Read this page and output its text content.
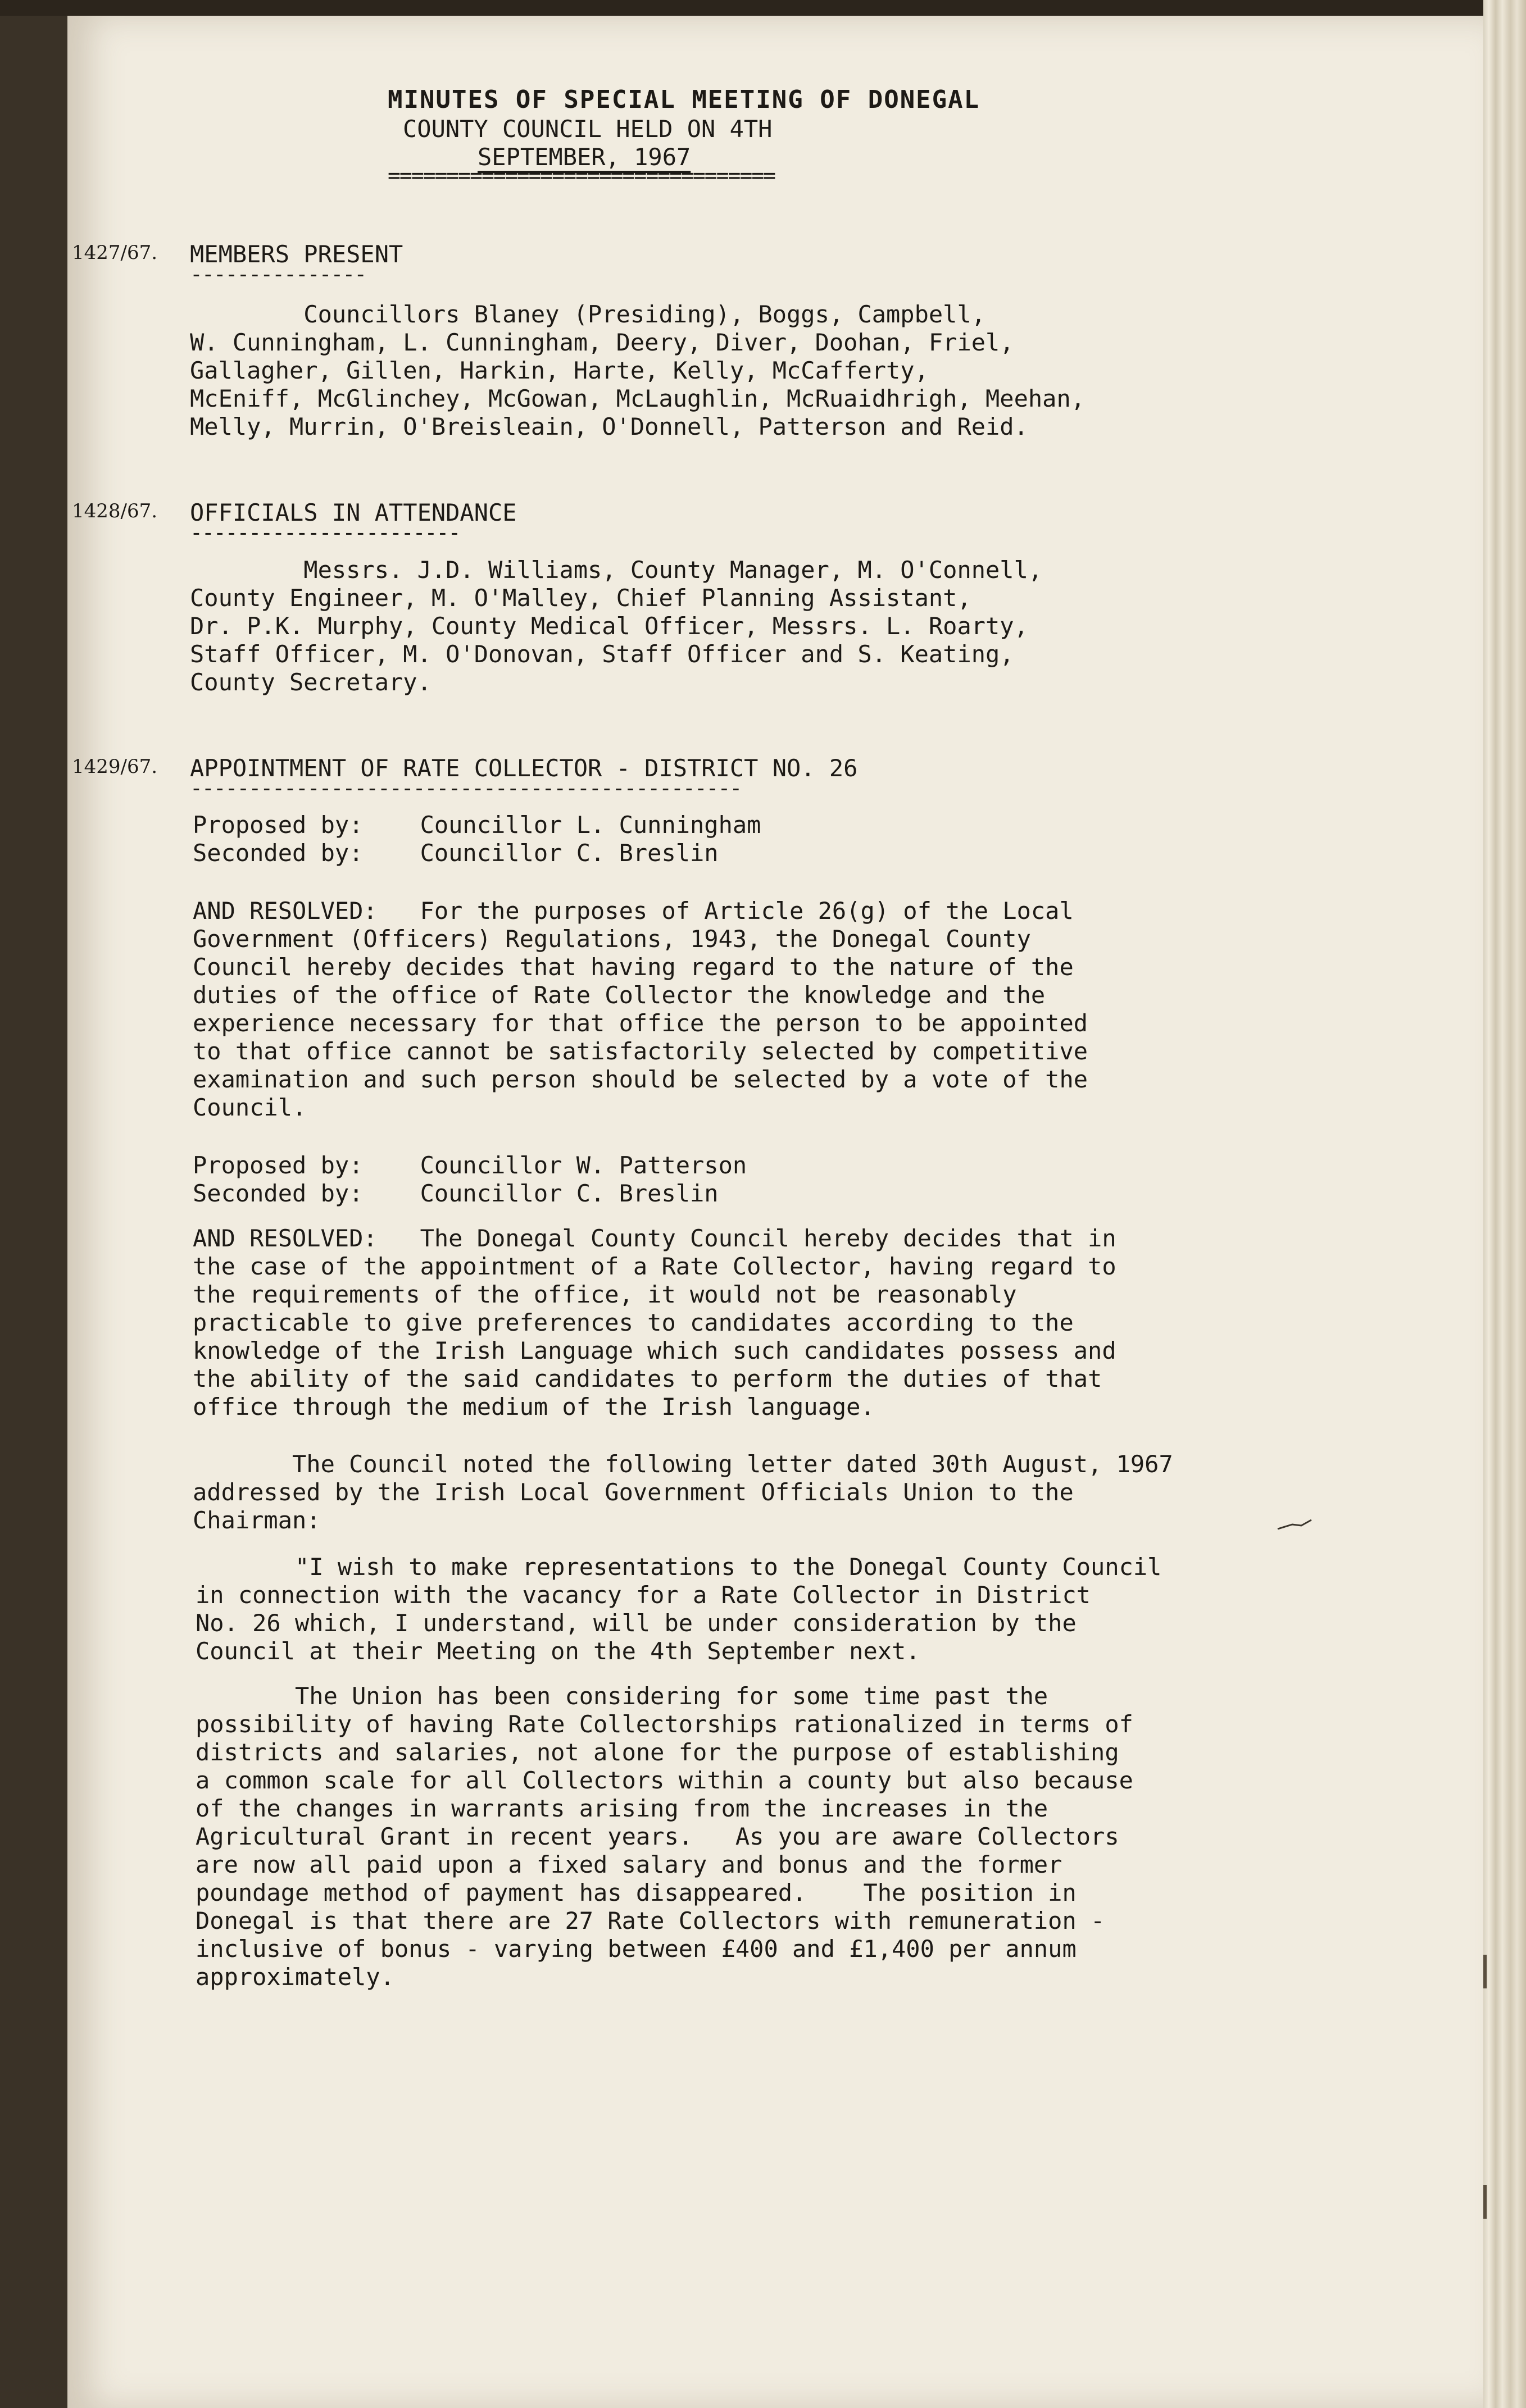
MINUTES OF SPECIAL MEETING OF DONEGAL
COUNTY COUNCIL HELD ON 4TH
SEPTEMBER, 1967
=================================
1427/67. MEMBERS PRESENT
---------------
Councillors Blaney (Presiding), Boggs, Campbell,
W. Cunningham, L. Cunningham, Deery, Diver, Doohan, Friel,
Gallagher, Gillen, Harkin, Harte, Kelly, McCafferty,
McEniff, McGlinchey, McGowan, McLaughlin, McRuaidhrigh, Meehan,
Melly, Murrin, O'Breisleain, O'Donnell, Patterson and Reid.
1428/67. OFFICIALS IN ATTENDANCE
-----------------------
Messrs. J.D. Williams, County Manager, M. O'Connell,
County Engineer, M. O'Malley, Chief Planning Assistant,
Dr. P.K. Murphy, County Medical Officer, Messrs. L. Roarty,
Staff Officer, M. O'Donovan, Staff Officer and S. Keating,
County Secretary.
1429/67. APPOINTMENT OF RATE COLLECTOR - DISTRICT NO. 26
-----------------------------------------------
Proposed by:    Councillor L. Cunningham
Seconded by:    Councillor C. Breslin
AND RESOLVED:   For the purposes of Article 26(g) of the Local
Government (Officers) Regulations, 1943, the Donegal County
Council hereby decides that having regard to the nature of the
duties of the office of Rate Collector the knowledge and the
experience necessary for that office the person to be appointed
to that office cannot be satisfactorily selected by competitive
examination and such person should be selected by a vote of the
Council.
Proposed by:    Councillor W. Patterson
Seconded by:    Councillor C. Breslin
AND RESOLVED:   The Donegal County Council hereby decides that in
the case of the appointment of a Rate Collector, having regard to
the requirements of the office, it would not be reasonably
practicable to give preferences to candidates according to the
knowledge of the Irish Language which such candidates possess and
the ability of the said candidates to perform the duties of that
office through the medium of the Irish language.
The Council noted the following letter dated 30th August, 1967
addressed by the Irish Local Government Officials Union to the
Chairman:
"I wish to make representations to the Donegal County Council
in connection with the vacancy for a Rate Collector in District
No. 26 which, I understand, will be under consideration by the
Council at their Meeting on the 4th September next.
The Union has been considering for some time past the
possibility of having Rate Collectorships rationalized in terms of
districts and salaries, not alone for the purpose of establishing
a common scale for all Collectors within a county but also because
of the changes in warrants arising from the increases in the
Agricultural Grant in recent years.   As you are aware Collectors
are now all paid upon a fixed salary and bonus and the former
poundage method of payment has disappeared.    The position in
Donegal is that there are 27 Rate Collectors with remuneration -
inclusive of bonus - varying between £400 and £1,400 per annum
approximately.
